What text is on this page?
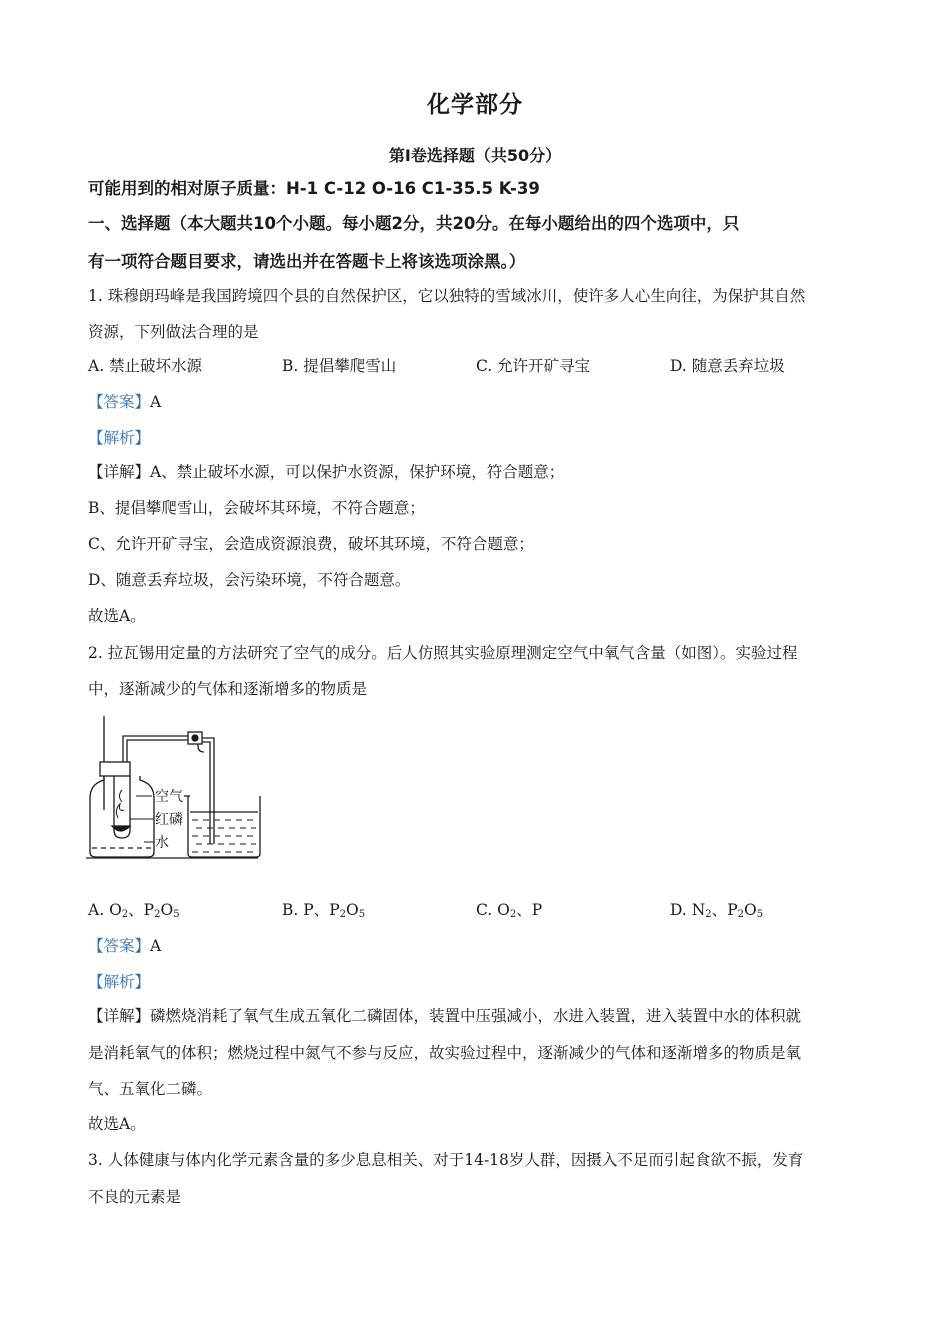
化学部分
第Ⅰ卷选择题（共50分）
可能用到的相对原子质量：H-1 C-12 O-16 C1-35.5 K-39
一、选择题（本大题共10个小题。每小题2分，共20分。在每小题给出的四个选项中，只
有一项符合题目要求，请选出并在答题卡上将该选项涂黑。）
1. 珠穆朗玛峰是我国跨境四个县的自然保护区，它以独特的雪域冰川，使许多人心生向往，为保护其自然
资源，下列做法合理的是
A. 禁止破坏水源	B. 提倡攀爬雪山	C. 允许开矿寻宝	D. 随意丢弃垃圾
【答案】A
【解析】
【详解】A、禁止破坏水源，可以保护水资源，保护环境，符合题意；
B、提倡攀爬雪山，会破坏其环境，不符合题意；
C、允许开矿寻宝，会造成资源浪费，破坏其环境，不符合题意；
D、随意丢弃垃圾，会污染环境，不符合题意。
故选A。
2. 拉瓦锡用定量的方法研究了空气的成分。后人仿照其实验原理测定空气中氧气含量（如图）。实验过程
中，逐渐减少的气体和逐渐增多的物质是
空气
红磷
水
A. $O_2$、$P_2O_5$	B. P、$P_2O_5$	C. $O_2$、P	D. $N_2$、$P_2O_5$
【答案】A
【解析】
【详解】磷燃烧消耗了氧气生成五氧化二磷固体，装置中压强减小，水进入装置，进入装置中水的体积就
是消耗氧气的体积；燃烧过程中氮气不参与反应，故实验过程中，逐渐减少的气体和逐渐增多的物质是氧
气、五氧化二磷。
故选A。
3. 人体健康与体内化学元素含量的多少息息相关、对于14-18岁人群，因摄入不足而引起食欲不振，发育
不良的元素是
